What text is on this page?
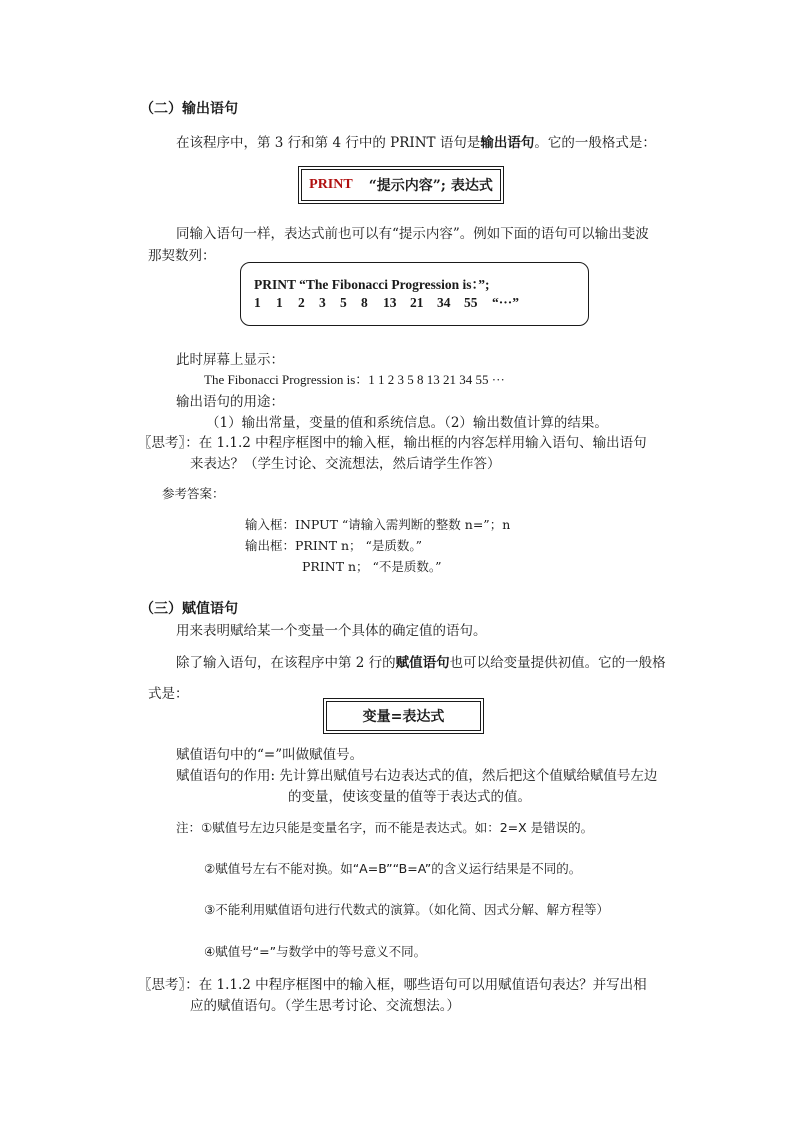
（二）输出语句
在该程序中，第 3 行和第 4 行中的 PRINT 语句是输出语句。它的一般格式是：
PRINT “提示内容”; 表达式
同输入语句一样，表达式前也可以有“提示内容”。例如下面的语句可以输出斐波
那契数列：
PRINT “The Fibonacci Progression is：”;
1 1 2 3 5 8 13 21 34 55 “···”
此时屏幕上显示：
The Fibonacci Progression is：1 1 2 3 5 8 13 21 34 55 ···
输出语句的用途：
（1）输出常量，变量的值和系统信息。（2）输出数值计算的结果。
〖思考〗：在 1.1.2 中程序框图中的输入框，输出框的内容怎样用输入语句、输出语句
来表达？（学生讨论、交流想法，然后请学生作答）
参考答案：
输入框：INPUT “请输入需判断的整数 n=”；n
输出框：PRINT n； “是质数。”
PRINT n； “不是质数。”
（三）赋值语句
用来表明赋给某一个变量一个具体的确定值的语句。
除了输入语句，在该程序中第 2 行的赋值语句也可以给变量提供初值。它的一般格
式是：
变量=表达式
赋值语句中的“=”叫做赋值号。
赋值语句的作用: 先计算出赋值号右边表达式的值，然后把这个值赋给赋值号左边
的变量，使该变量的值等于表达式的值。
注：①赋值号左边只能是变量名字，而不能是表达式。如：2=X 是错误的。
②赋值号左右不能对换。如“A=B”“B=A”的含义运行结果是不同的。
③不能利用赋值语句进行代数式的演算。（如化简、因式分解、解方程等）
④赋值号“=”与数学中的等号意义不同。
〖思考〗：在 1.1.2 中程序框图中的输入框，哪些语句可以用赋值语句表达？并写出相
应的赋值语句。（学生思考讨论、交流想法。）
